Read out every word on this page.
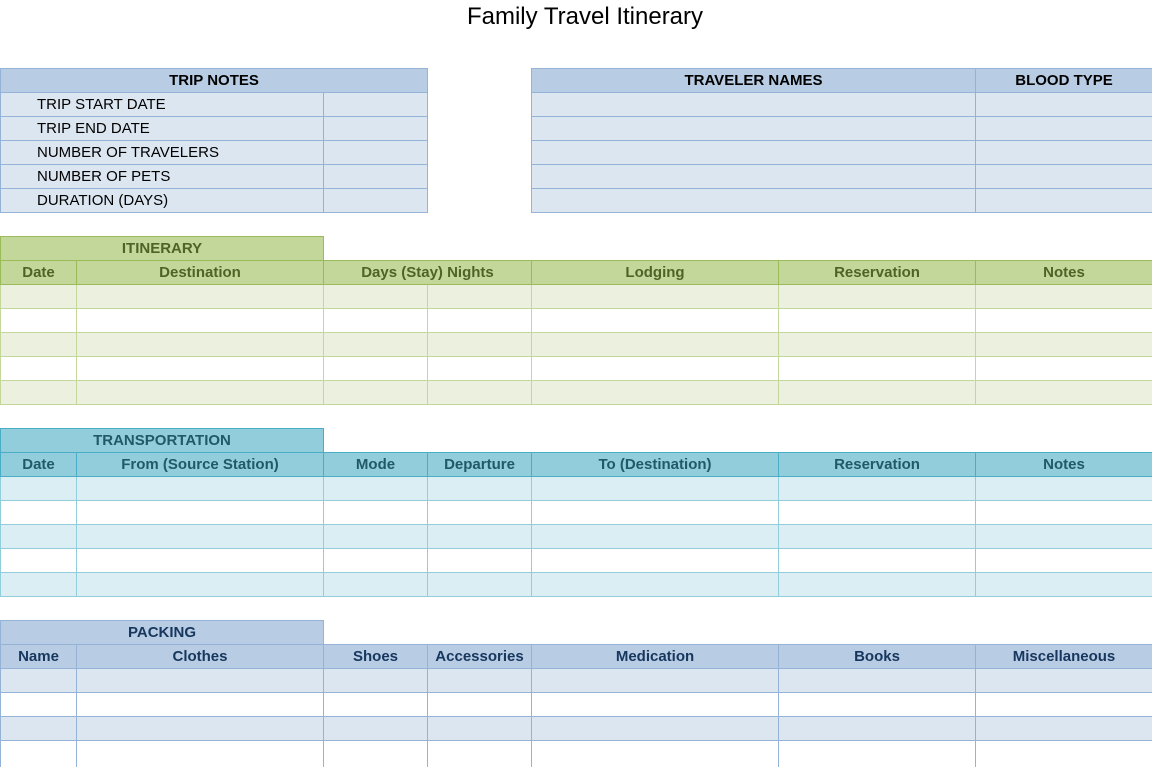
Family Travel Itinerary
TRIP NOTES
TRIP START DATE
TRIP END DATE
NUMBER OF TRAVELERS
NUMBER OF PETS
DURATION (DAYS)
TRAVELER NAMES	BLOOD TYPE
ITINERARY
Date	Destination	Days (Stay) Nights	Lodging	Reservation	Notes
TRANSPORTATION
Date	From (Source Station)	Mode	Departure	To (Destination)	Reservation	Notes
PACKING
Name	Clothes	Shoes	Accessories	Medication	Books	Miscellaneous
